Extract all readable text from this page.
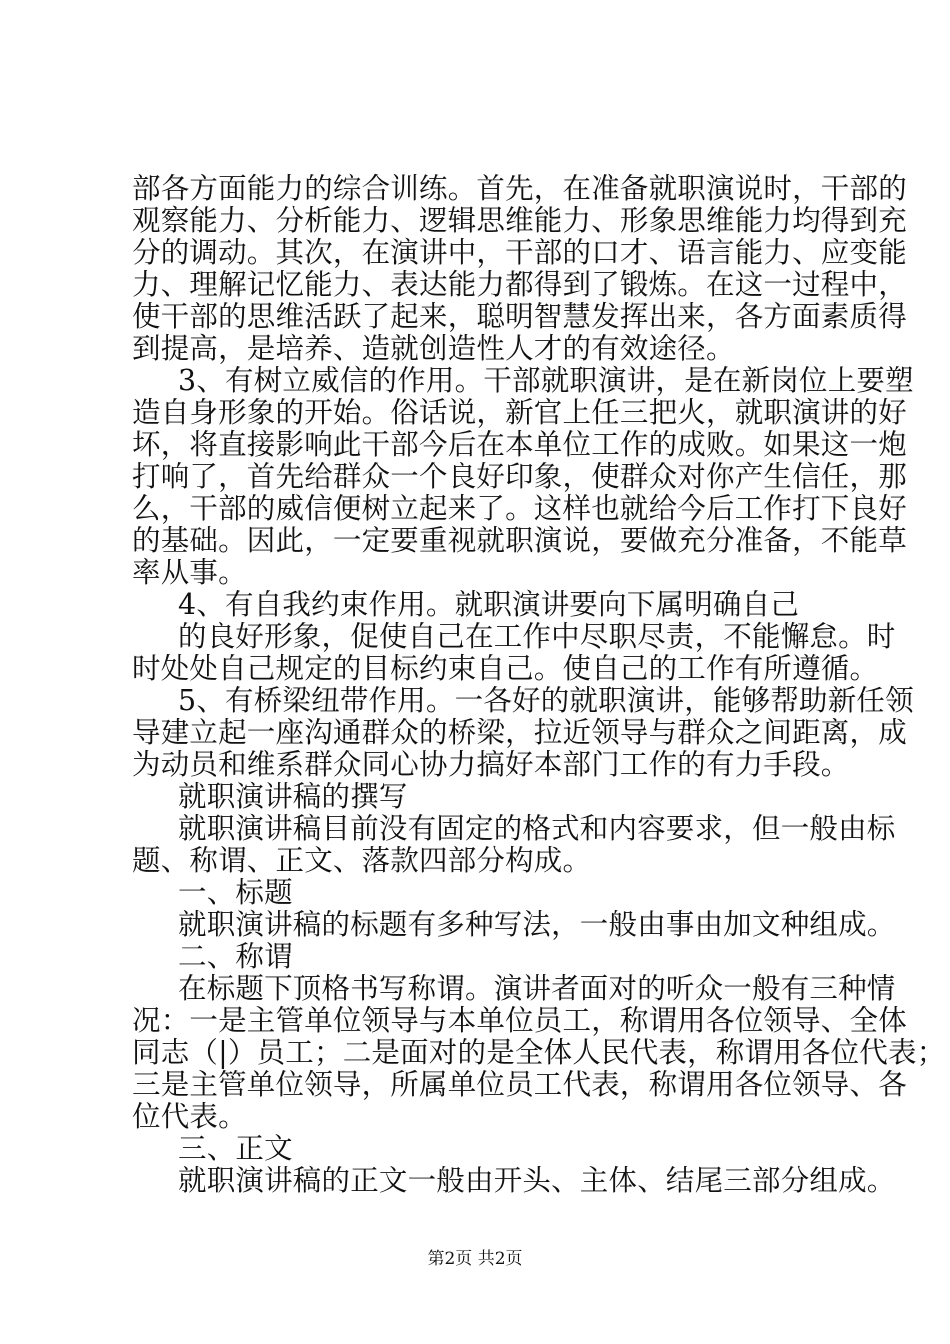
部各方面能力的综合训练。首先，在准备就职演说时，干部的
观察能力、分析能力、逻辑思维能力、形象思维能力均得到充
分的调动。其次，在演讲中，干部的口才、语言能力、应变能
力、理解记忆能力、表达能力都得到了锻炼。在这一过程中，
使干部的思维活跃了起来，聪明智慧发挥出来，各方面素质得
到提高，是培养、造就创造性人才的有效途径。
3、有树立威信的作用。干部就职演讲，是在新岗位上要塑
造自身形象的开始。俗话说，新官上任三把火，就职演讲的好
坏，将直接影响此干部今后在本单位工作的成败。如果这一炮
打响了，首先给群众一个良好印象，使群众对你产生信任，那
么，干部的威信便树立起来了。这样也就给今后工作打下良好
的基础。因此，一定要重视就职演说，要做充分准备，不能草
率从事。
4、有自我约束作用。就职演讲要向下属明确自己
的良好形象，促使自己在工作中尽职尽责，不能懈怠。时
时处处自己规定的目标约束自己。使自己的工作有所遵循。
5、有桥梁纽带作用。一各好的就职演讲，能够帮助新任领
导建立起一座沟通群众的桥梁，拉近领导与群众之间距离，成
为动员和维系群众同心协力搞好本部门工作的有力手段。
就职演讲稿的撰写
就职演讲稿目前没有固定的格式和内容要求，但一般由标
题、称谓、正文、落款四部分构成。
一、标题
就职演讲稿的标题有多种写法，一般由事由加文种组成。
二、称谓
在标题下顶格书写称谓。演讲者面对的听众一般有三种情
况：一是主管单位领导与本单位员工，称谓用各位领导、全体
同志（|）员工；二是面对的是全体人民代表，称谓用各位代表；
三是主管单位领导，所属单位员工代表，称谓用各位领导、各
位代表。
三、正文
就职演讲稿的正文一般由开头、主体、结尾三部分组成。
第2页 共2页
